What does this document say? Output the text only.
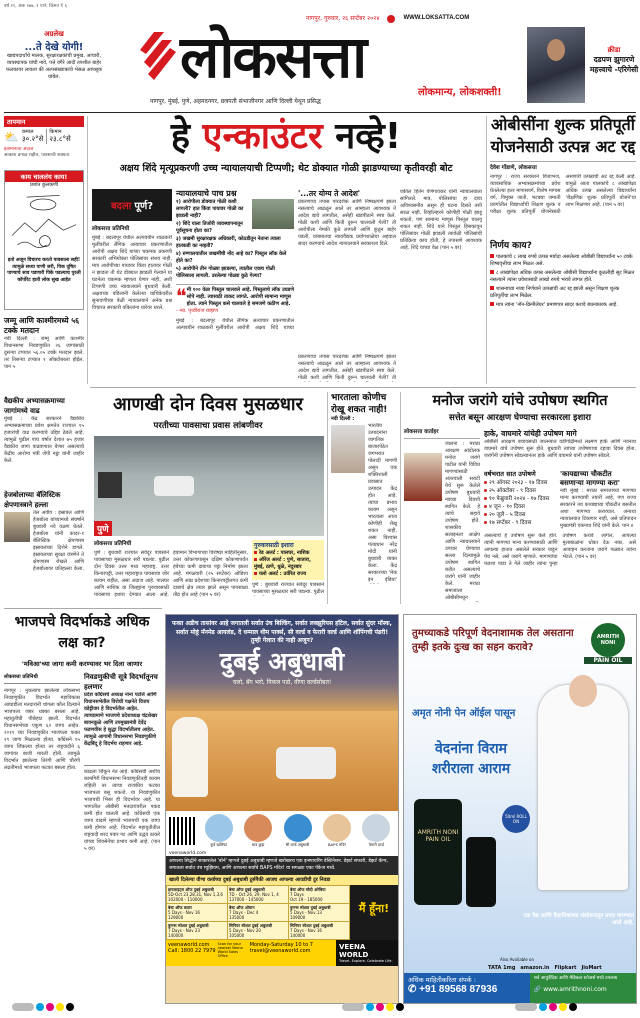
वर्ष ११, अंक २७७, १ पाने, किंमत ₹ ६
अग्रलेख
...ते देखे योगी!
खाद्यपदार्थांचे मालक, सुरक्षारक्षकांची प्रमुख, आचारी, व्यवस्थापक यांची नावे, पत्ते वगैरे आदी तपशील बाहेर फलकावर लावला की अल्पसंख्याकांचे भेसळ आपसूक थांबेल.	लोकसत्ता
नागपूर, गुरुवार, २६ सप्टेंबर २०२४	WWW.LOKSATTA.COM
नागपूर, मुंबई, पुणे, अहमदनगर, छत्रपती संभाजीनगर आणि दिल्ली येथून प्रसिद्ध
लोकमान्य, लोकशक्ती!
क्रीडा
दडपण झुगारणे महत्त्वाचे -एरिगेसी
तापमान
⛅ कमाल
३०.२°से
किमान
२३.८°से
हवामानाचा अंदाज
आकाश ढगाळ राहील, पावसाची शक्यता.
काय चाललंय काय!
प्रशांत कुलकर्णी
इतो अजून विचारच करतो पावसाला सही! त्यामुळे सध्या पाणी जरी, पिक दूषित पाण्याचे साव पडणारी पिके पडल्याच पुरली कॉर्पोरेट हाती लोक सुख आहेत
जम्मू आणि काश्मीरमध्ये ५६ टक्के मतदान
नवी दिल्ली : जम्मू आणि काश्मीर विधानसभा निवडणुकीत २६ जागांसाठी दुसऱ्या टप्प्यात ५६.०५ टक्के मतदान झाले. तर तिसऱ्या टप्प्यात १ ऑक्टोबरला होईल. पान ५
वैद्यकीय अभ्यासक्रमाच्या जागांमध्ये वाढ
मुंबई : केंद्र सरकारने वैद्यकीय अभ्यासक्रमाच्या प्रवेश क्षमतेत राज्यात १५ हजारांची वाढ करण्याचे उद्दिष्ट ठेवले आहे. त्यामुळे पुढील पाच वर्षात देशात ७५ हजार वैद्यकीय जागा वाढवण्यात येणार असल्याचे केंद्रीय आरोग्य मंत्री जेपी नड्डा यांनी जाहीर केले.
हेजबोलाच्या बॅलिस्टिक क्षेपणास्त्राने हल्ला
तेल अवीव : इस्रायल आणि हेजबोला यांच्यामध्ये संघर्षाने बुधवारी नवे वळण घेतले. हेजबोला यांनी कादर-१ बॅलिस्टिक क्षेपणास्त्र इस्रायलच्या दिशेने डागले. इस्रायलच्या सुरक्षा यंत्रणेने ते क्षेपणास्त्र रोखले आणि हेजबोलावर प्रतिहल्ला केला.
हे एन्काउंटर नव्हे!
अक्षय शिंदे मृत्यूप्रकरणी उच्च न्यायालयाची टिप्पणी; थेट डोक्यात गोळी झाडण्याच्या कृतीवरही बोट
बदला पूर्ण?
लोकसत्ता प्रतिनिधी
मुंबई : बदलापूर येथील अल्पवयीन शाळकरी मुलींवरील लैंगिक अत्याचार प्रकरणातील आरोपी अक्षय शिंदे याच्या चकमक प्रकरणी सरकारी अभियोक्ता पोलिसांवर संशय नाही, मात्र आरोपीच्या पायावर किंवा हातावर गोळी न झाडता ती थेट डोक्यात झाडली गेल्याने या घटनेला चकमक म्हणता येणार नाही, अशी टिप्पणी उच्च न्यायालयाने बुधवारी केली. अक्षयच्या वडिलांनी केलेल्या याचिकेवरील सुनावणीच्या वेळी न्यायालयाने अनेक प्रश्न विचारत सरकारी वकिलांना धारेवर धरले.
न्यायालयाचे पाच प्रश्न
१) आरोपीला डोक्यात गोळी कशी लागली? हात किंवा पायावर गोळी का झाडली नाही?
२) शिंदे याला तिजोरी व्यवस्थापनातून पूर्वसूचना होता का?
३) जखमी सुरक्षारक्षक अधिकारी, कोठडीतून नेताना त्याला हातकडी का नव्हती?
४) रुग्णालयातील जखमींची नोंद आहे का? पिस्तुल लॉक केले होते का?
५) आरोपीने तीन गोळ्या झाडल्या, त्यातील एकच गोळी पोलिसाला लागली. उरलेल्या गोळ्या कुठे गेल्या?
❝ मी १०० वेळा पिस्तूल चालवले आहे. पिस्तुलाचे लॉक उघडणे सोपे नाही. त्यासाठी ताकद लागते. आरोपी सामान्य माणूस होता. त्याने पिस्तूल कसे चालवले हे समजणे कठीण आहे.
- न्या. पृथ्वीराज चव्हाण
मुंबई : बदलापूर येथील अल्पवयीन शाळकरी मुलींवरील लैंगिक अत्याचार प्रकरणातील आरोपी अक्षय शिंदे याच्या
'...तर योग्य ते आदेश'
प्रकरणाचा तपास पारदर्शक आणि निष्पक्षपणे झाला नसल्याचे आढळून आले तर आम्हाला आवश्यक ते आदेश द्यावे लागतील, असेही खंडपीठाने स्पष्ट केले. गोळी कशी आणि किती दुरून चालवली गेली? ती आरोपीला नेमकी कुठे लागली आणि कुठून बाहेर पडली, याबाबतचा न्यायवैद्यक प्रयोगशाळेचा अहवाल सादर करण्याचे आदेश न्यायालयाने सरकारला दिले.
प्रकरणाचा तपास पारदर्शक आणि निष्पक्षपणे झाला नसल्याचे आढळून आले तर आम्हाला आवश्यक ते आदेश द्यावे लागतील, असेही खंडपीठाने स्पष्ट केले. गोळी कशी आणि किती दुरून चालवली गेली? ती
वकील हितेन वेणेगावकर यांनी न्यायालयाला सांगितले. मात्र, पोलिसांचा हा दावा अविश्वसनीय असून ही घटना दिसते तशी सरळ नाही. रिव्हॉल्व्हरने कोणीही गोळी झाडू शकतो, पण सामान्य माणूस पिस्तूल चालवू शकत नाही. शिंदे याने पिस्तूल हिसकावून पोलिसांवर गोळी झाडली त्यावेळी पोलिसांची प्रतिक्रिया काय होती, हे तपासणे आवश्यक आहे. शिंदे याच्या वेळ (पान ५ वर)
ओबीसींना शुल्क प्रतिपूर्ती योजनेसाठी उत्पन्न अट रद्द
देवेश गोंडाणे, लोकसत्ता
नागपूर : राज्य सरकारने विजाभज, व्यावसायिक अभ्यासक्रमांच्या प्रवेश घेतलेल्या इतर मागासवर्ग, विशेष मागास वर्ग, विमुक्त जाती, भटक्या जमाती प्रवर्गातील विद्यार्थ्यांची शिक्षण शुल्क व परीक्षा शुल्क प्रतिपूर्ती योजनेसाठी असणारी उत्पन्नाची अट रद्द केली आहे. यामुळे आता पालकांचे ८ लाखांपेक्षा अधिक उत्पन्न असलेल्या विद्यार्थ्यांना 'शैक्षणिक शुल्क प्रतिपूर्ती योजने'चा लाभ मिळणार आहे. (पान ५ वर)
निर्णय काय?
पालकांचे ८ लाख रुपये उत्पन्न मर्यादा असलेल्या ओबीसी विद्यार्थ्यांना ५० टक्के शिष्यवृत्तीचा लाभ मिळत असे.
८ लाखांपेक्षा अधिक उत्पन्न असलेल्या ओबीसी विद्यार्थ्यांना कुठलीही सूट मिळत नसल्याने त्यांना प्रवेशासाठी लाखो रुपये भरावे लागत होते.
शासनाच्या नव्या निर्णयाने उत्पन्नाची अट रद्द झाली असून शिक्षण शुल्क प्रतिपूर्तीचा लाभ मिळेल.
मात्र त्यांना 'नॉन-क्रिमीलेयर' प्रमाणपत्र सादर करावे बंधनकारक आहे.
आणखी दोन दिवस मुसळधार
परतीच्या पावसाचा प्रवास लांबणीवर
पुणे
लोकसत्ता प्रतिनिधी
पुणे : बुधवारी राज्यात सर्वदूर पावसाने पावसाच्या मुसळधार सरी पडल्या. पुढील दोन दिवस उत्तर मध्य महाराष्ट्र, उत्तर किनारपट्टी, उत्तर महाराष्ट्रात पावसाचा जोर कायम राहील, असा अंदाज आहे. पालघर आणि नाशिक या जिल्ह्यांना गुरुवारसाठी पावसाचा इशारा देण्यात आला आहे. हवामान विभागाच्या विशेषज्ञ माहितीनुसार, उत्तर कोकणापासून दक्षिण कोकणापर्यंत हवेच्या कमी दाबाचा पट्टा निर्माण झाला आहे. मंगळवारी (२५ सप्टेंबर) ओडिशा आणि आंध्र प्रदेशच्या किनारपट्टीलगत कमी दाबाचे क्षेत्र तयार झाले असून पावसाळा तीव्र होत आहे (पान ५ वर)
गुरुवारसाठी इशारा
रेड अलर्ट : पालघर, नाशिक
ऑरेंज अलर्ट : पुणे, सातारा, मुंबई, ठाणे, धुळे, नंदुरबार
यलो अलर्ट : उर्वरित राज्य
पुणे : बुधवारी राज्यात सर्वदूर पावसाने पावसाच्या मुसळधार सरी पडल्या. पुढील
भारताला कोणीच रोखू शकत नाही!
नवी दिल्ली :
भारतीय उत्पादनांना जागतिक बाजारपेठेत जगभरात पोलादी मागणी असून एक शक्तिशाली प्रवासात उत्पादन केंद्र होत आहे. त्यांचा प्रभाव कायम असून भारताला आता कोणीही रोखू शकत नाही, असा विश्वास पंतप्रधान नरेंद्र मोदी यांनी बुधवारी व्यक्त केला. केंद्र सरकारच्या 'मेक इन इंडिया'
मनोज जरांगे यांचे उपोषण स्थगित
सत्तेत बसून आरक्षण घेण्याचा सरकारला इशारा
लोकसत्ता वार्ताहर
जालना : मराठा आरक्षण आंदोलक मनोज जरांगे पाटील यांनी विविध मागण्यांसाठी अंतरवाली सराटी येथे सुरू केलेले उपोषण बुधवारी नवव्या दिवशी स्थगित केले. हे त्यांचे सहावे उपोषण होते. शासकीय सलाइनला आक्षेप आणि न्यायालयाने उपचार घेण्याचा सल्ला दिल्यामुळे उपोषण स्थगित करीत असल्याचे जरांगे यांनी जाहीर केले. मराठा समाजाला ओबीसीमधून
हाके, वाघमारे यांचेही उपोषण मागे
ओबीसी आरक्षण बचावसाठी जालन्यात वडीगोद्रीमध्ये लक्ष्मण हाके आणि नवनाथ वाघमारे यांचे उपोषण सुरू होते. बुधवारी त्यांच्या उपोषणाचा दहावा दिवस होता. जरांगेंनी उपोषण सोडल्यानंतर हाके आणि वाघमारे यांनी उपोषण सोडले.
वर्षभरात सात उपोषणे
२९ ऑगस्ट २०२३ - १७ दिवस
२५ ऑक्टोबर - ९ दिवस
१० फेब्रुवारी २०२४ - १७ दिवस
४ जून - १० दिवस
२० जुलै - ५ दिवस
१७ सप्टेंबर - ९ दिवस
'कायद्याच्या चौकटीत बसणाऱ्या मागण्या करा'
नवी मुंबई : मराठा समाजाच्या मागण्या मान्य करण्याची तयारी आहे, पण राज्य सरकारने त्या कायद्याच्या चौकटीत बसतील अशा मागण्या कराव्यात. अन्यथा न्यायालयात टिकणार नाही, असे प्रतिपादन मुख्यमंत्री एकनाथ शिंदे यांनी केले. पान ४
असल्याचे हे उपोषण सुरू केले होते. त्यांनी मागण्या मान्य करण्यासाठी आणि आपल्या हातात असलेले सरकार पाडून पेच नसे, असे जरांगे म्हणाले. मागण्यांचा फडशा पाडा ते गेले जाहीर त्यांना पुन्हा उपोषण करावे लागेल, आपल्या मुलाबाळांना धोका देऊ नका, असे आवाहन करतांना जरांगे गळ्यात त्यांना भेटले. (पान ५ वर)
भाजपचे विदर्भाकडे अधिक लक्ष का?
'मविआ'च्या जागा कमी करण्यावर भर दिला जाणार
लोकसत्ता प्रतिनिधी
नागपूर : नुकत्याच झालेल्या लोकसभा निवडणुकीत विदर्भात महाविकास आघाडीला मतदारांनी चांगला कौल दिल्याने भाजपला जबर धक्का बसला आहे. महायुतीची पीछेहाट झाली. विदर्भात विधानसभेच्या एकूण ६२ जागा आहेत. २०१९ च्या निवडणुकीत भाजपला फक्त २९ जागा मिळाल्या होत्या. काँग्रेसने १५ जागा जिंकल्या होत्या तर राष्ट्रवादीने ६ जागांवर बाजी मारली होती. त्यामुळे विदर्भात झालेल्या तिरंगी आणि चौरंगी लढतींमध्ये भाजपला फटका बसला होता.
निवडणुकीची सूत्रे विदर्भातूनच हलणार
प्रदेश काँग्रेसचे अध्यक्ष नाना पटोले आणि विधानसभेतील विरोधी पक्षनेते विजय वडेट्टीवार हे विदर्भातील आहेत. त्याचप्रमाणे भाजपचे प्रदेशाध्यक्ष चंद्रशेखर बावनकुळे आणि उपमुख्यमंत्री देवेंद्र फडणवीस हे सुद्धा विदर्भातीलच आहेत. त्यामुळे आगामी विधानसभा निवडणुकीचे केंद्रबिंदू हे विदर्भच राहणार आहे.
काढला जिंकून नेत आहे. काँग्रेसची अशीच कामगिरी विधानसभा निवडणुकीतही कायम राहिली तर त्याचा राजकीय फटका भाजपला बसू शकतो. या निवडणुकीत भाजपची भिस्त ही विदर्भावर आहे. या भागातील ओबीसी मतदारांवरील पकड कमी होत चालली आहे. काँग्रेसची एक जागा वाढणे म्हणजे भाजपची एक जागा कमी होणार आहे. विदर्भात महायुतीतील राष्ट्रवादी शरद पवार गट आणि उद्धव ठाकरे यांच्या शिवसेनेचा प्रभाव कमी आहे. (पान ५ वर)
फक्त अडीच तासांवर आहे जगातली सर्वात उंच बिल्डिंग, सर्वात लक्झुरियस हॉटेल, सर्वात सुंदर मॉस्क, सर्वात मोठ्ठं मॅनमेड आयलंड, दे धम्माल थीम पार्क्स, सी वर्ल्ड व फेरारी वर्ल्ड आणि शॉपिंगची पंढरी! तुम्ही गेलात की नाही अजून?
दुबई अबुधाबी
चलो, बॅग भरो, निकल पडो, वीणा वर्ल्डसोबत!
बुर्ज खलिफा	धाव क्रूझ	सी वर्ल्ड अबुधाबी	BAPS मंदिर	फेरारी वर्ल्ड
veenaworld.com
आपल्या सिद्धीने साकारलेलं 'बोर्न' म्हणजे दुबई अबुधाबी म्हणजे खरोखरच एक इन्स्पायरिंग डेस्टिनेशन. डेझर्ट सफारी, डेझर्ट कॅम्प, जगातला सर्वात उंच म्युझियम, आणि आपल्या सर्वांचे BAPS मंदिर! या सगळ्या एका पॅकेज मध्ये.
खाली दिलेल्या वीणा वर्ल्डच्या दुबई अबुधाबी टूर्सपैकी आजच आपल्या आवडीची टूर निवडा
हायलाइट्स ऑफ दुबई अबुधाबी
5D-Oct 23,28,31, Nov 1,3,6
102000 - 110000
बेस्ट ऑफ दुबई अबुधाबी
7D - Oct 26, 29, Nov 1, 4
137000 - 145000
बेस्ट ऑफ सौदी अरेबिया
7 Days
Oct 19 - 185000
बेस्ट ऑफ कतार
5 Days - Nov 16
129000
बेस्ट ऑफ ओमान
7 Days - Dec 4
135000
वुमन्स स्पेशल दुबई अबुधाबी
5 Days - Nov 13
109000
वुमन्स स्पेशल दुबई अबुधाबी
7 Days - Nov 23
140000
सिनियर स्पेशल दुबई अबुधाबी
5 Days - Nov 20
105000
सिनियर स्पेशल दुबई अबुधाबी
7 Days - Nov 16
140000
मैं हूँना!
veenaworld.com
Call: 1800 22 7979
Scan for your nearest Veena World Sales Office
Monday-Saturday 10 to 7
travel@veenaworld.com	VEENA WORLD
Travel. Explore. Celebrate Life.
तुमच्याकडे परिपूर्ण वेदनाशामक तेल असताना तुम्ही इतके दुःख का सहन करावे?
AMRITH NONI
PAIN OIL
अमृत नोनी पेन ऑईल पासून
वेदनांना विराम शरीराला आराम
AMRITH NONI PAIN OIL
50ml ROLL ON
तज्ञ वैद्य आणि वैज्ञानिकांच्या संशोधनातून तयार करण्यात आले आहे.
Also Available on
TATA 1mg amazon.in Flipkart JioMart
अधिक माहितीकरिता संपर्क :
✆ +91 89568 87936
सर्व आयुर्वेदिक आणि मेडिकल स्टोअर्स मध्ये उपलब्ध
🔗 www.amrithnoni.com
